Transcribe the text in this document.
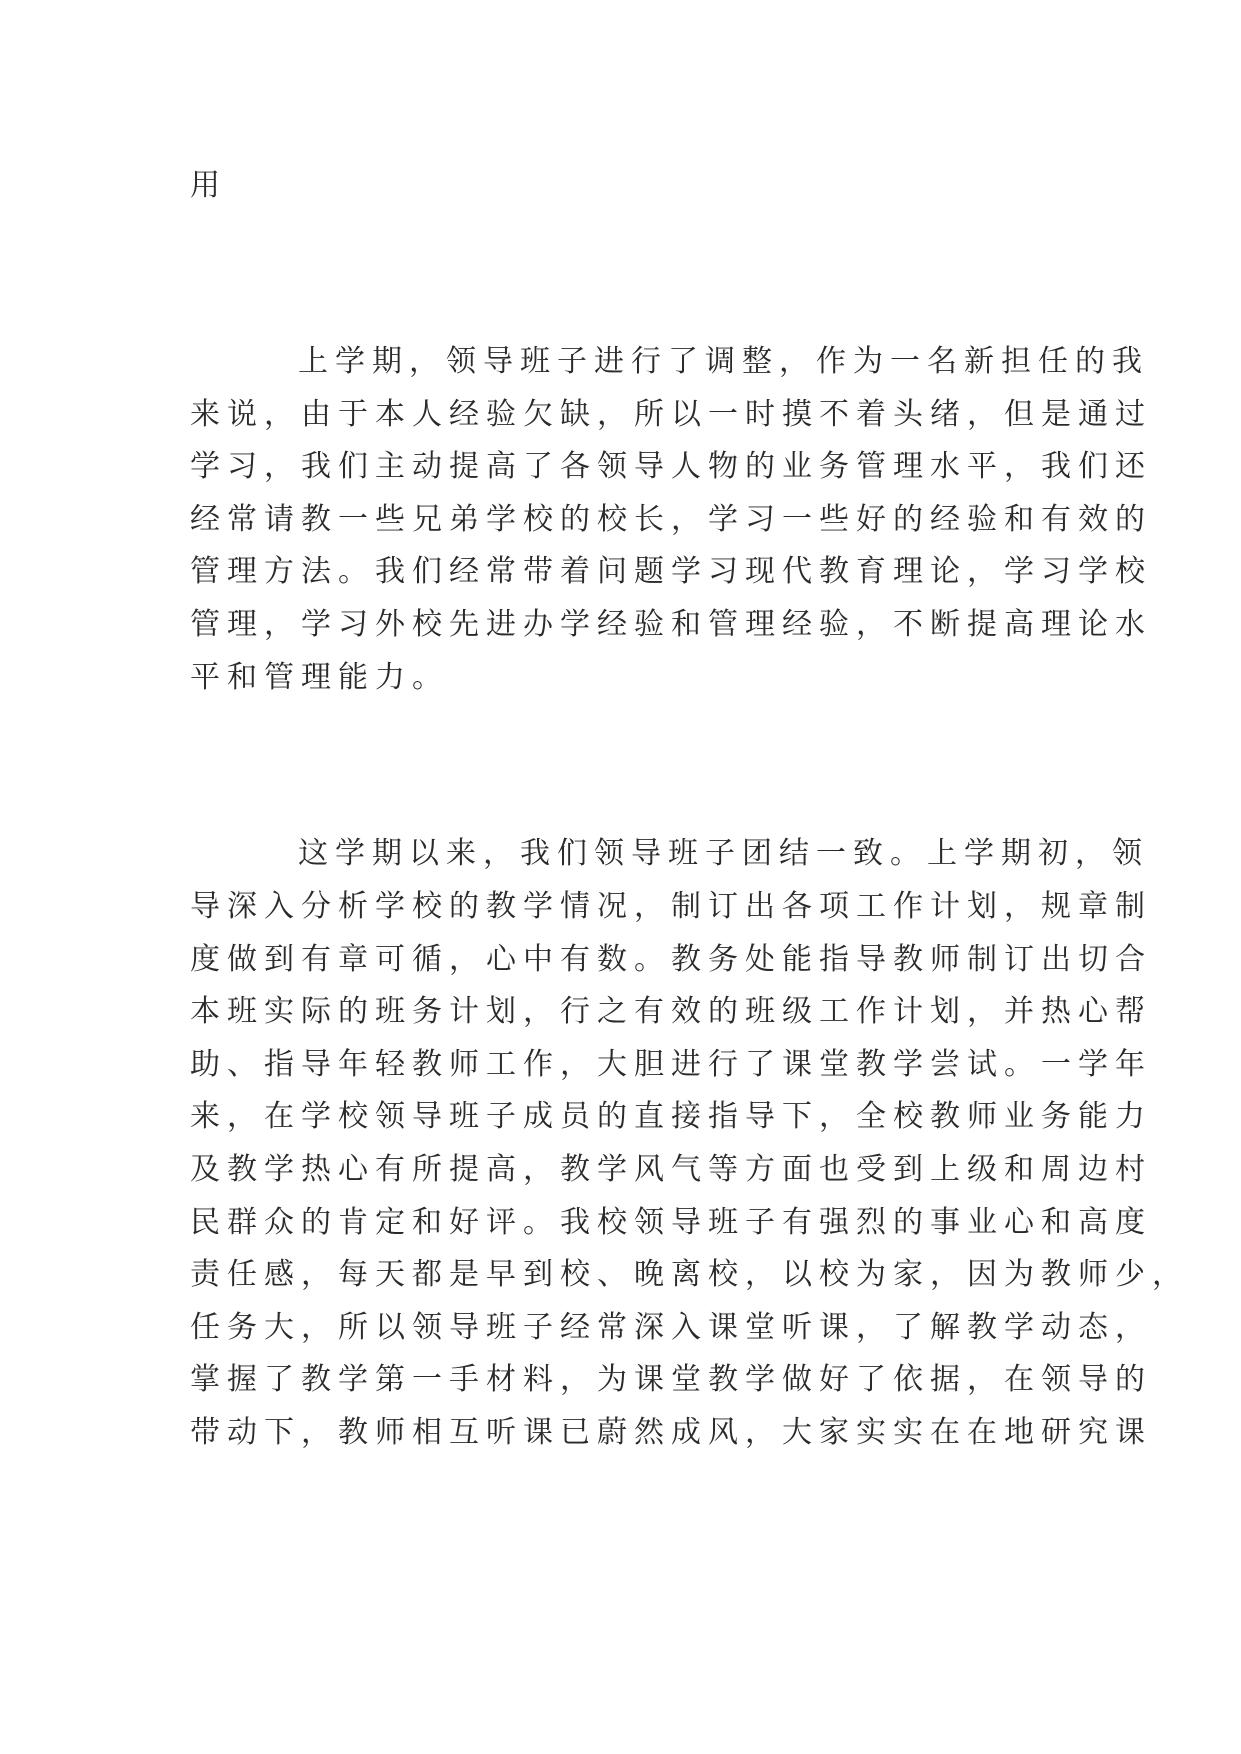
用
上学期，领导班子进行了调整，作为一名新担任的我
来说，由于本人经验欠缺，所以一时摸不着头绪，但是通过
学习，我们主动提高了各领导人物的业务管理水平，我们还
经常请教一些兄弟学校的校长，学习一些好的经验和有效的
管理方法。我们经常带着问题学习现代教育理论，学习学校
管理，学习外校先进办学经验和管理经验，不断提高理论水
平和管理能力。
这学期以来，我们领导班子团结一致。上学期初，领
导深入分析学校的教学情况，制订出各项工作计划，规章制
度做到有章可循，心中有数。教务处能指导教师制订出切合
本班实际的班务计划，行之有效的班级工作计划，并热心帮
助、指导年轻教师工作，大胆进行了课堂教学尝试。一学年
来，在学校领导班子成员的直接指导下，全校教师业务能力
及教学热心有所提高，教学风气等方面也受到上级和周边村
民群众的肯定和好评。我校领导班子有强烈的事业心和高度
责任感，每天都是早到校、晚离校，以校为家，因为教师少，
任务大，所以领导班子经常深入课堂听课，了解教学动态，
掌握了教学第一手材料，为课堂教学做好了依据，在领导的
带动下，教师相互听课已蔚然成风，大家实实在在地研究课
